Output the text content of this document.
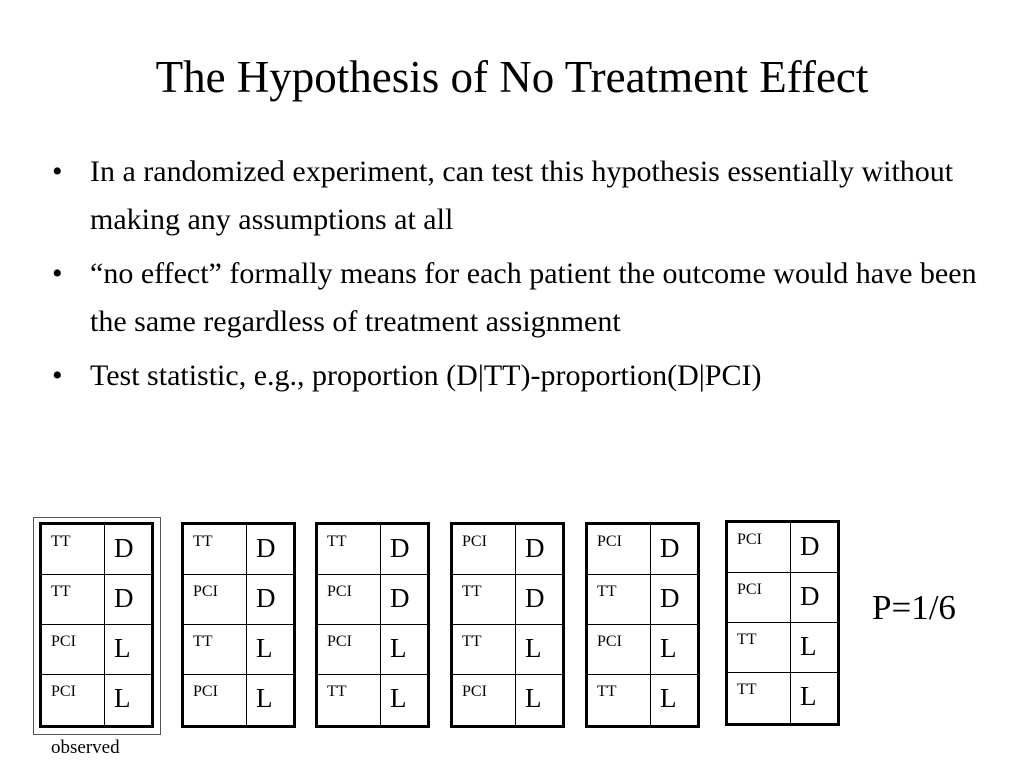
The Hypothesis of No Treatment Effect
• In a randomized experiment, can test this hypothesis essentially without making any assumptions at all
• “no effect” formally means for each patient the outcome would have been the same regardless of treatment assignment
• Test statistic, e.g., proportion (D|TT)-proportion(D|PCI)
observed
P=1/6
TT	D
TT	D
PCI	L
PCI	L
TT	D
PCI	D
TT	L
PCI	L
TT	D
PCI	D
PCI	L
TT	L
PCI	D
TT	D
TT	L
PCI	L
PCI	D
TT	D
PCI	L
TT	L
PCI	D
PCI	D
TT	L
TT	L
